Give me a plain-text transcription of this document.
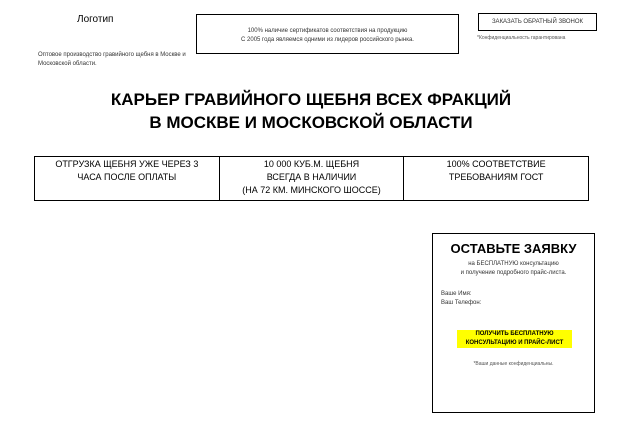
Логотип
Оптовое производство гравийного щебня в Москве и Московской области.
100% наличие сертификатов соответствия на продукцию
С 2005 года являемся одними из лидеров российского рынка.
ЗАКАЗАТЬ ОБРАТНЫЙ ЗВОНОК
*Конфиденциальность гарантирована
КАРЬЕР ГРАВИЙНОГО ЩЕБНЯ ВСЕХ ФРАКЦИЙ
В МОСКВЕ И МОСКОВСКОЙ ОБЛАСТИ
ОТГРУЗКА ЩЕБНЯ УЖЕ ЧЕРЕЗ 3
ЧАСА ПОСЛЕ ОПЛАТЫ

10 000 КУБ.М. ЩЕБНЯ
ВСЕГДА В НАЛИЧИИ
(НА 72 КМ. МИНСКОГО ШОССЕ)

100% СООТВЕТСТВИЕ
ТРЕБОВАНИЯМ ГОСТ
ОСТАВЬТЕ ЗАЯВКУ
на БЕСПЛАТНУЮ консультацию
и получение подробного прайс-листа.
Ваше Имя:
Ваш Телефон:
ПОЛУЧИТЬ БЕСПЛАТНУЮ
КОНСУЛЬТАЦИЮ И ПРАЙС-ЛИСТ
*Ваши данные конфиденциальны.
